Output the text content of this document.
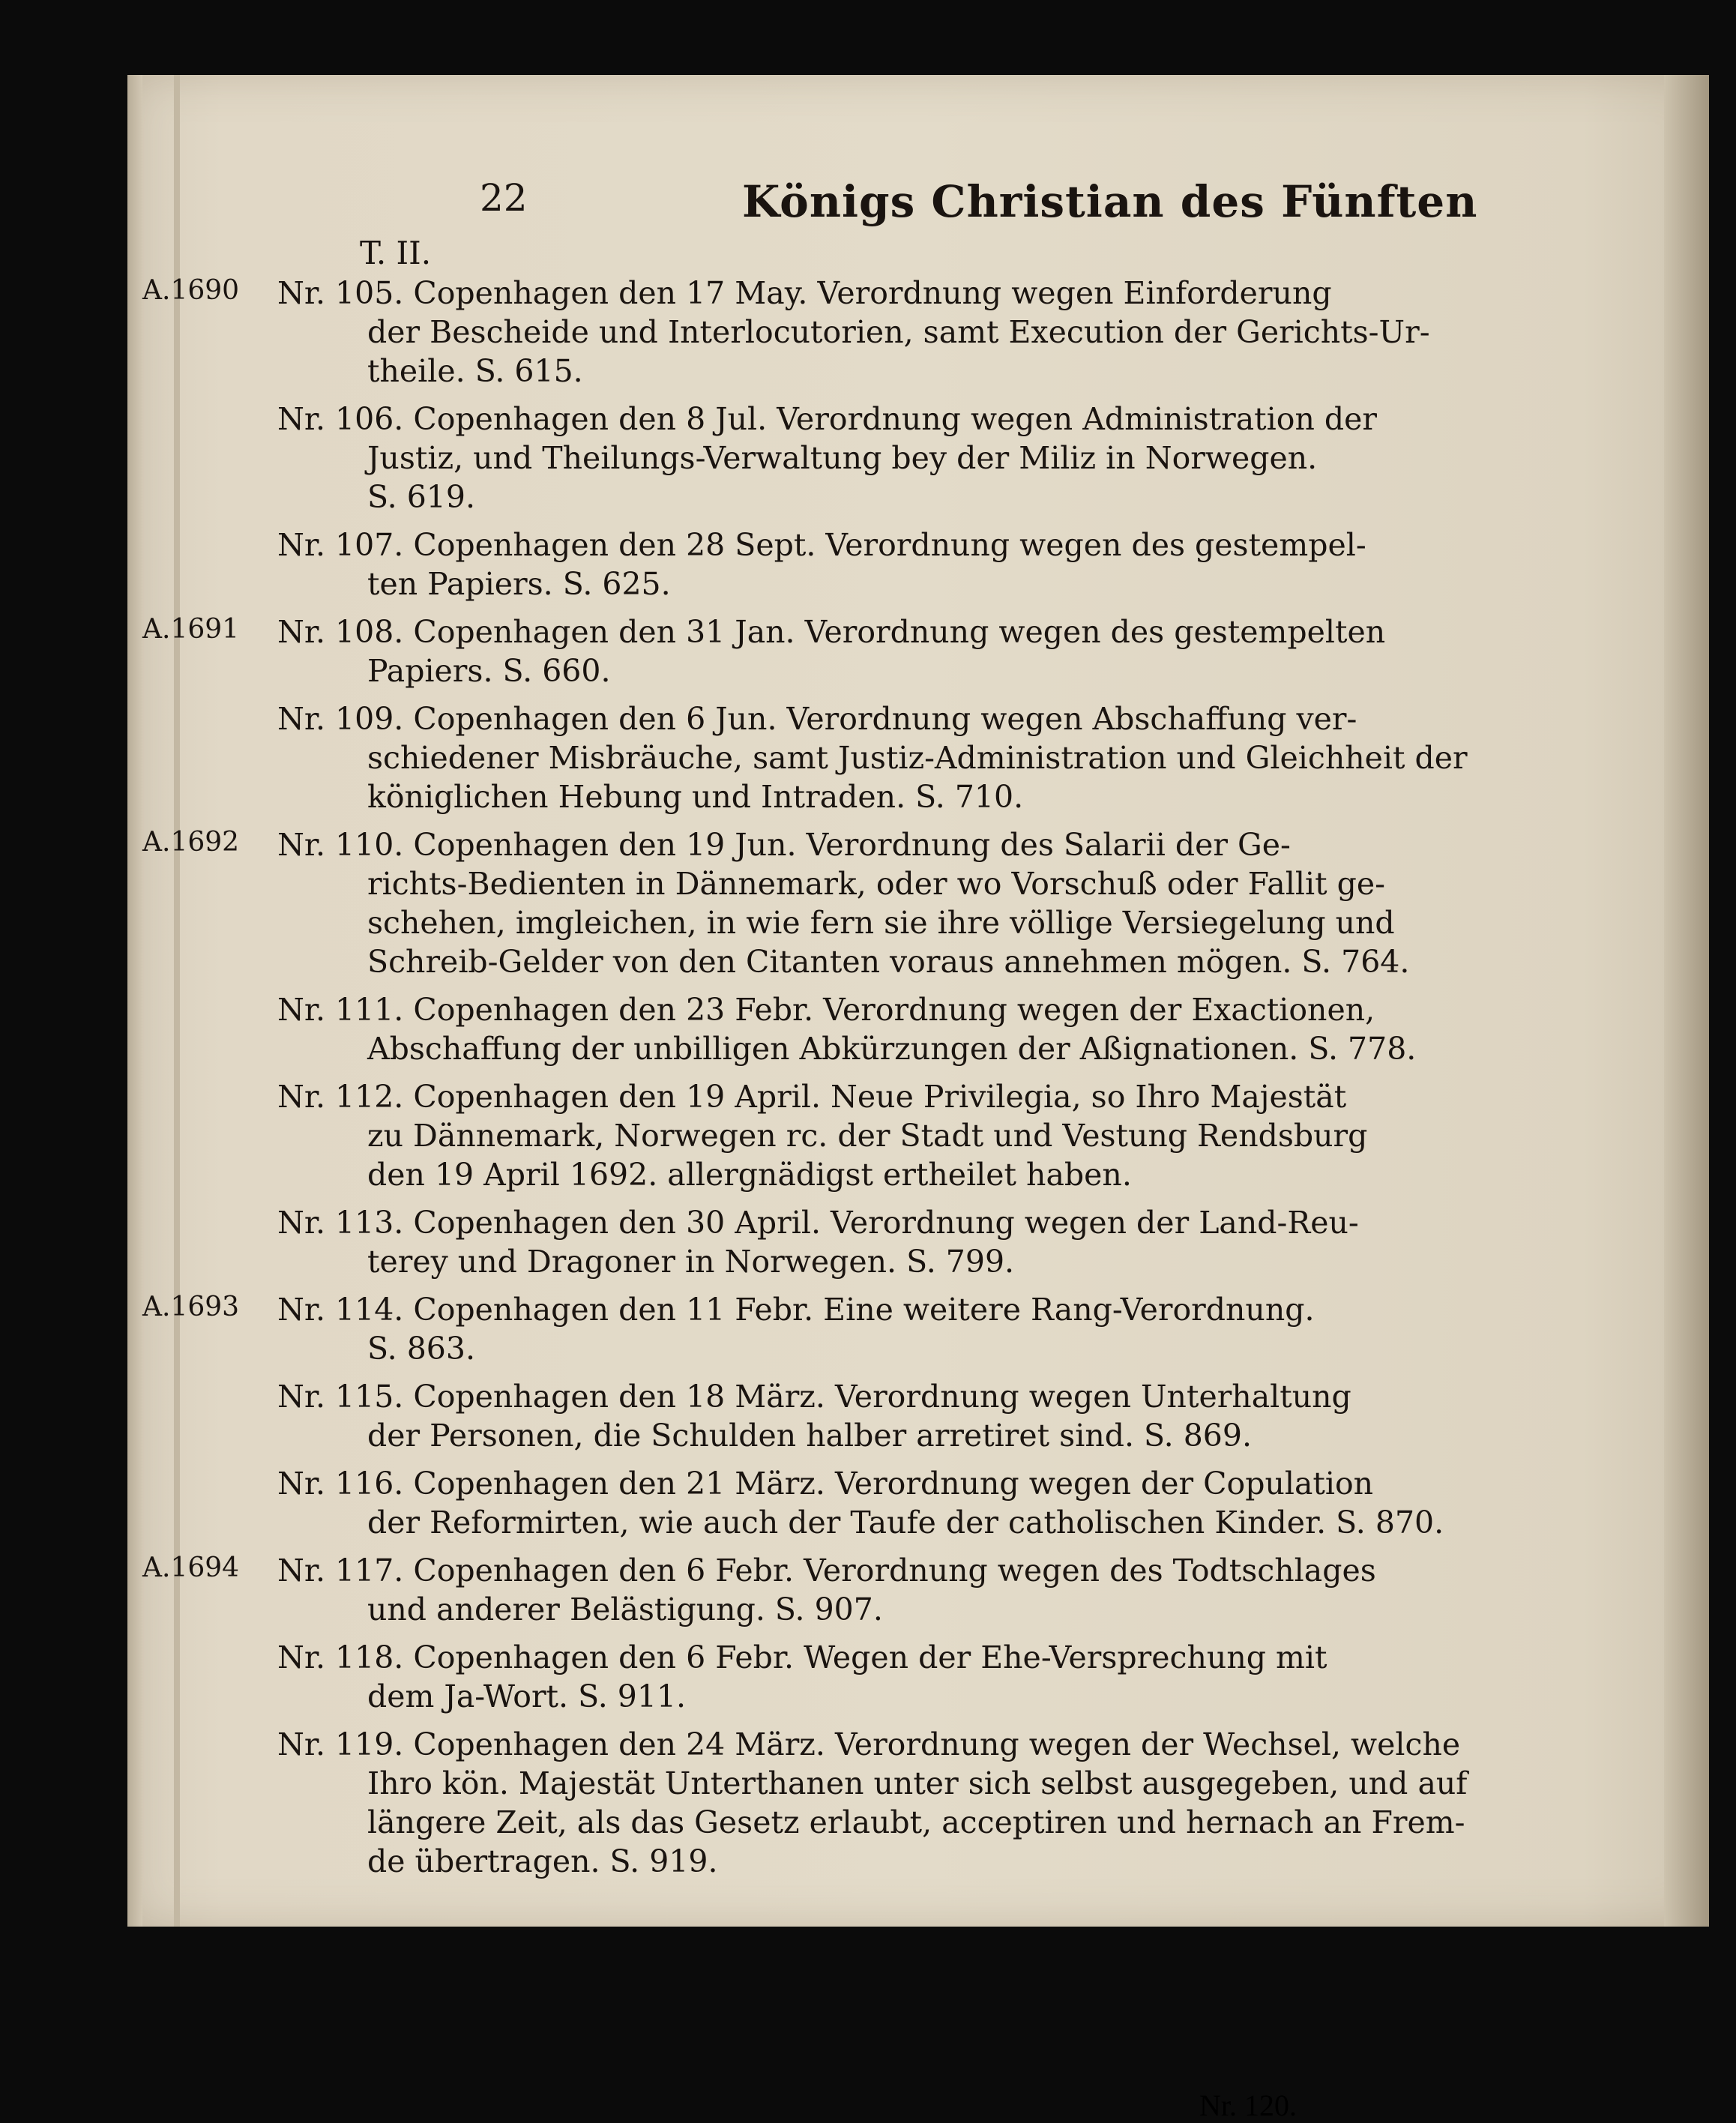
22	Königs Christian des Fünften
T. II.
A.1690 Nr. 105. Copenhagen den 17 May. Verordnung wegen Einforderung
der Bescheide und Interlocutorien, samt Execution der Gerichts-Ur-
theile. S. 615.
Nr. 106. Copenhagen den 8 Jul. Verordnung wegen Administration der
Justiz, und Theilungs-Verwaltung bey der Miliz in Norwegen.
S. 619.
Nr. 107. Copenhagen den 28 Sept. Verordnung wegen des gestempel-
ten Papiers. S. 625.
A.1691 Nr. 108. Copenhagen den 31 Jan. Verordnung wegen des gestempelten
Papiers. S. 660.
Nr. 109. Copenhagen den 6 Jun. Verordnung wegen Abschaffung ver-
schiedener Misbräuche, samt Justiz-Administration und Gleichheit der
königlichen Hebung und Intraden. S. 710.
A.1692 Nr. 110. Copenhagen den 19 Jun. Verordnung des Salarii der Ge-
richts-Bedienten in Dännemark, oder wo Vorschuß oder Fallit ge-
schehen, imgleichen, in wie fern sie ihre völlige Versiegelung und
Schreib-Gelder von den Citanten voraus annehmen mögen. S. 764.
Nr. 111. Copenhagen den 23 Febr. Verordnung wegen der Exactionen,
Abschaffung der unbilligen Abkürzungen der Aßignationen. S. 778.
Nr. 112. Copenhagen den 19 April. Neue Privilegia, so Ihro Majestät
zu Dännemark, Norwegen rc. der Stadt und Vestung Rendsburg
den 19 April 1692. allergnädigst ertheilet haben.
Nr. 113. Copenhagen den 30 April. Verordnung wegen der Land-Reu-
terey und Dragoner in Norwegen. S. 799.
A.1693 Nr. 114. Copenhagen den 11 Febr. Eine weitere Rang-Verordnung.
S. 863.
Nr. 115. Copenhagen den 18 März. Verordnung wegen Unterhaltung
der Personen, die Schulden halber arretiret sind. S. 869.
Nr. 116. Copenhagen den 21 März. Verordnung wegen der Copulation
der Reformirten, wie auch der Taufe der catholischen Kinder. S. 870.
A.1694 Nr. 117. Copenhagen den 6 Febr. Verordnung wegen des Todtschlages
und anderer Belästigung. S. 907.
Nr. 118. Copenhagen den 6 Febr. Wegen der Ehe-Versprechung mit
dem Ja-Wort. S. 911.
Nr. 119. Copenhagen den 24 März. Verordnung wegen der Wechsel, welche
Ihro kön. Majestät Unterthanen unter sich selbst ausgegeben, und auf
längere Zeit, als das Gesetz erlaubt, acceptiren und hernach an Frem-
de übertragen. S. 919.
Nr. 120.
